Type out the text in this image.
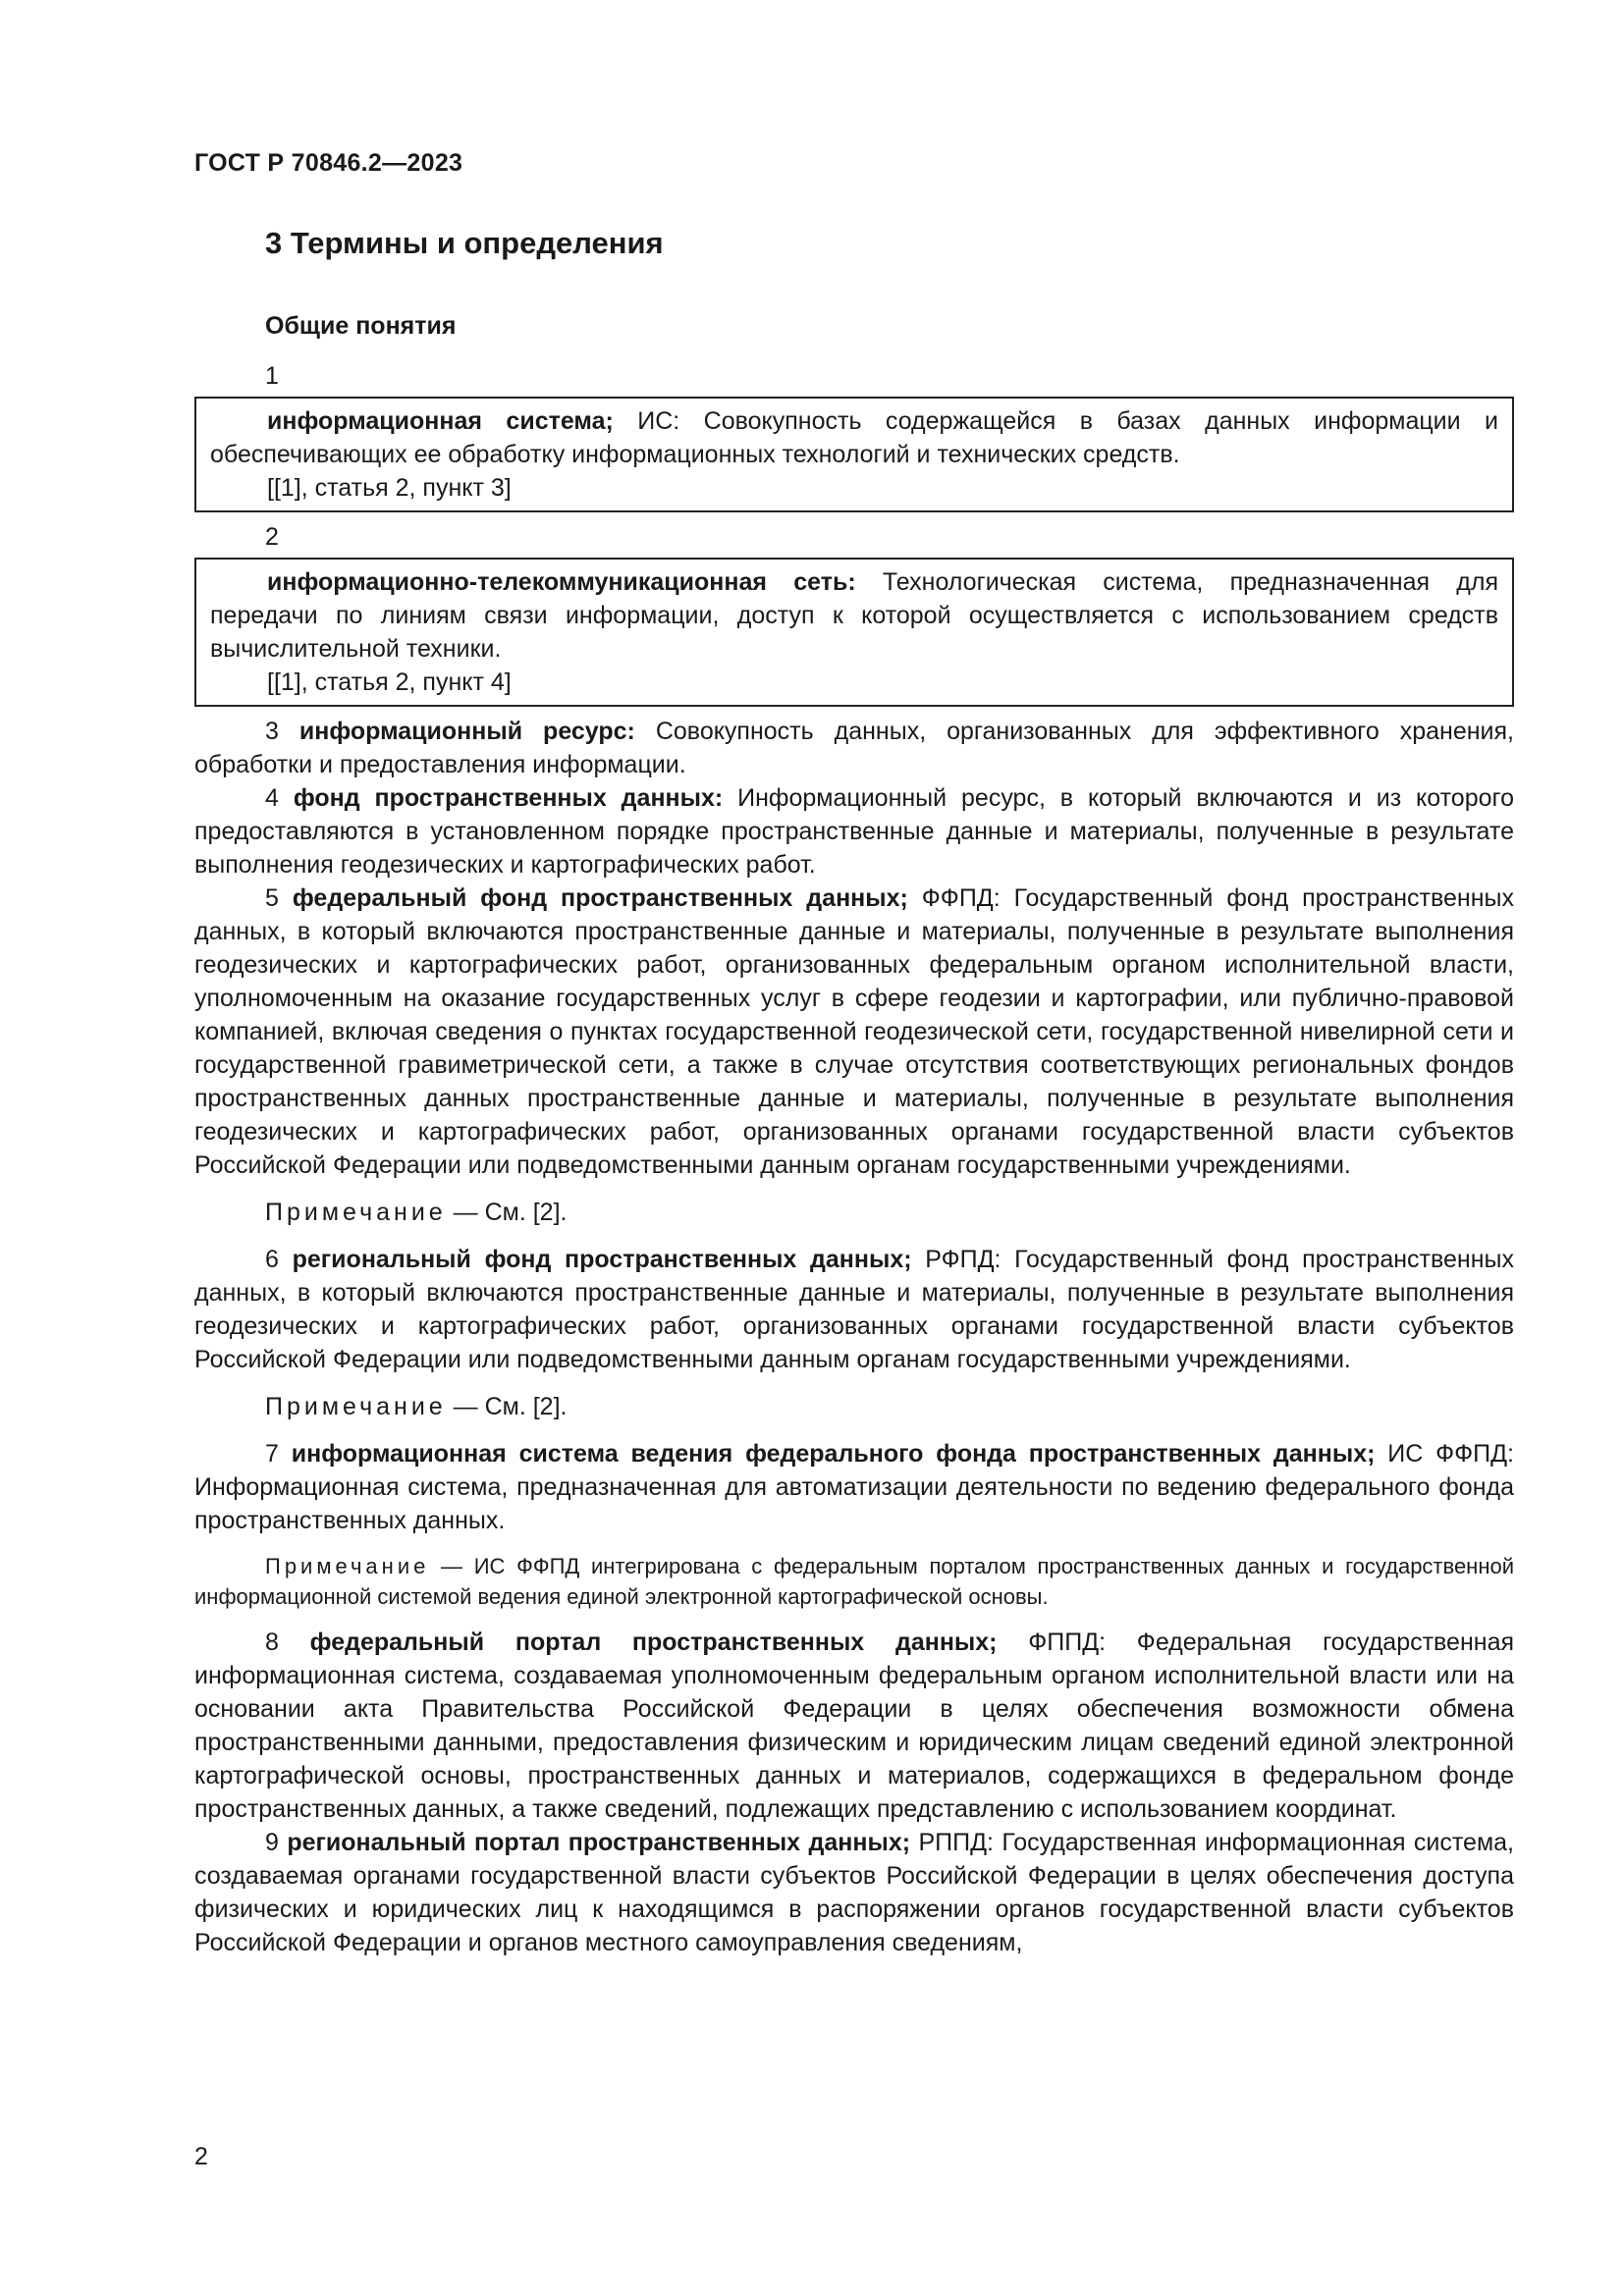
ГОСТ Р 70846.2—2023
3 Термины и определения
Общие понятия
1
информационная система; ИС: Совокупность содержащейся в базах данных информации и обеспечивающих ее обработку информационных технологий и технических средств.
[[1], статья 2, пункт 3]
2
информационно-телекоммуникационная сеть: Технологическая система, предназначенная для передачи по линиям связи информации, доступ к которой осуществляется с использованием средств вычислительной техники.
[[1], статья 2, пункт 4]

3 информационный ресурс: Совокупность данных, организованных для эффективного хранения, обработки и предоставления информации.

4 фонд пространственных данных: Информационный ресурс, в который включаются и из которого предоставляются в установленном порядке пространственные данные и материалы, полученные в результате выполнения геодезических и картографических работ.

5 федеральный фонд пространственных данных; ФФПД: Государственный фонд пространственных данных, в который включаются пространственные данные и материалы, полученные в результате выполнения геодезических и картографических работ, организованных федеральным органом исполнительной власти, уполномоченным на оказание государственных услуг в сфере геодезии и картографии, или публично-правовой компанией, включая сведения о пунктах государственной геодезической сети, государственной нивелирной сети и государственной гравиметрической сети, а также в случае отсутствия соответствующих региональных фондов пространственных данных пространственные данные и материалы, полученные в результате выполнения геодезических и картографических работ, организованных органами государственной власти субъектов Российской Федерации или подведомственными данным органам государственными учреждениями.

Примечание — См. [2].

6 региональный фонд пространственных данных; РФПД: Государственный фонд пространственных данных, в который включаются пространственные данные и материалы, полученные в результате выполнения геодезических и картографических работ, организованных органами государственной власти субъектов Российской Федерации или подведомственными данным органам государственными учреждениями.

Примечание — См. [2].

7 информационная система ведения федерального фонда пространственных данных; ИС ФФПД: Информационная система, предназначенная для автоматизации деятельности по ведению федерального фонда пространственных данных.

Примечание — ИС ФФПД интегрирована с федеральным порталом пространственных данных и государственной информационной системой ведения единой электронной картографической основы.

8 федеральный портал пространственных данных; ФППД: Федеральная государственная информационная система, создаваемая уполномоченным федеральным органом исполнительной власти или на основании акта Правительства Российской Федерации в целях обеспечения возможности обмена пространственными данными, предоставления физическим и юридическим лицам сведений единой электронной картографической основы, пространственных данных и материалов, содержащихся в федеральном фонде пространственных данных, а также сведений, подлежащих представлению с использованием координат.

9 региональный портал пространственных данных; РППД: Государственная информационная система, создаваемая органами государственной власти субъектов Российской Федерации в целях обеспечения доступа физических и юридических лиц к находящимся в распоряжении органов государственной власти субъектов Российской Федерации и органов местного самоуправления сведениям,

2
